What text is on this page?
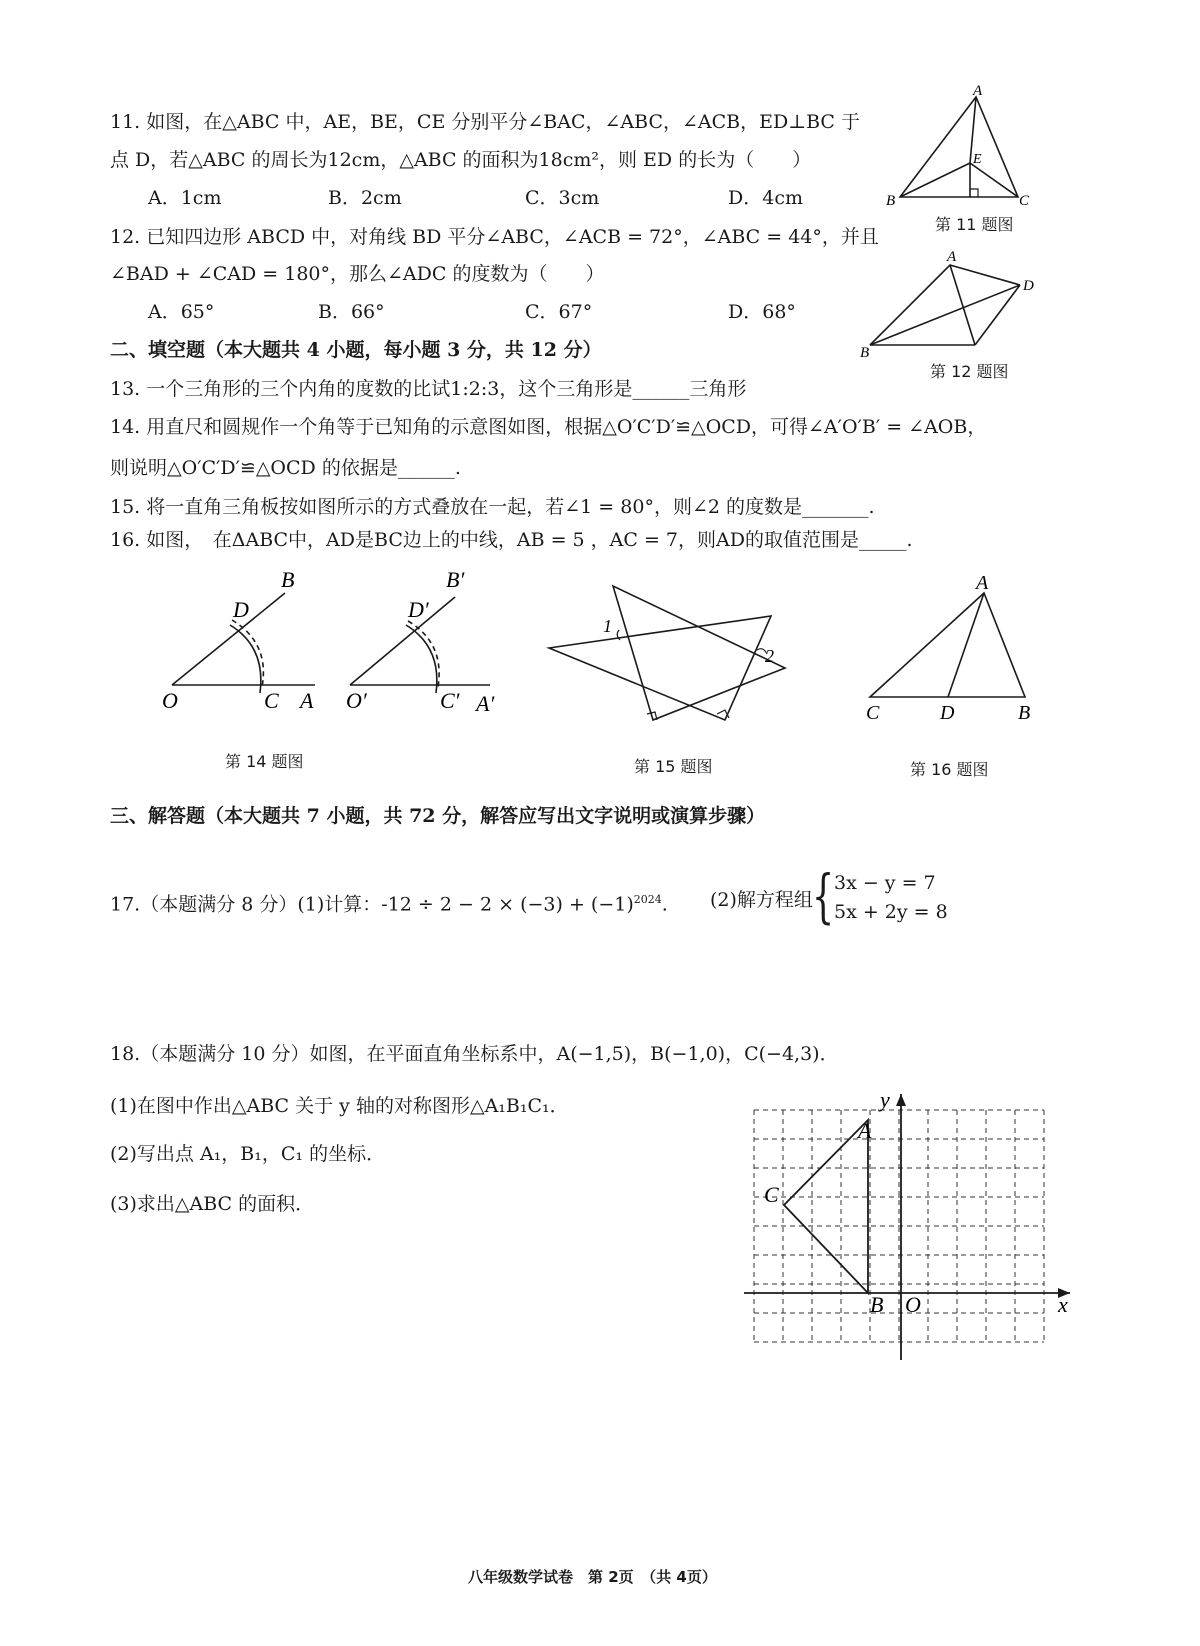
11. 如图，在△ABC 中，AE，BE，CE 分别平分∠BAC，∠ABC，∠ACB，ED⊥BC 于
点 D，若△ABC 的周长为12cm，△ABC 的面积为18cm²，则 ED 的长为（　　）
A．1cm	B．2cm	C．3cm	D．4cm
A
B	C
E
第 11 题图
12. 已知四边形 ABCD 中，对角线 BD 平分∠ABC，∠ACB = 72°，∠ABC = 44°，并且
∠BAD + ∠CAD = 180°，那么∠ADC 的度数为（　　）
A．65°	B．66°	C．67°	D．68°
A
B
D
第 12 题图
二、填空题（本大题共 4 小题，每小题 3 分，共 12 分）
13. 一个三角形的三个内角的度数的比试1:2:3，这个三角形是______三角形
14. 用直尺和圆规作一个角等于已知角的示意图如图，根据△O′C′D′≌△OCD，可得∠A′O′B′ = ∠AOB，
则说明△O′C′D′≌△OCD 的依据是______.
15. 将一直角三角板按如图所示的方式叠放在一起，若∠1 = 80°，则∠2 的度数是_______.
16. 如图，　在ΔABC中，AD是BC边上的中线，AB = 5 ，AC = 7，则AD的取值范围是_____.
B
D
O	C A
B′
D′
O′	C′ A′
第 14 题图
1
2
第 15 题图
A
C	D	B
第 16 题图
三、解答题（本大题共 7 小题，共 72 分，解答应写出文字说明或演算步骤）
17.（本题满分 8 分）(1)计算：$-12 \div 2 - 2 \times (-3) + (-1)^{2024}$. (2)解方程组 { 3x − y = 7
5x + 2y = 8
18.（本题满分 10 分）如图，在平面直角坐标系中，A(−1,5)，B(−1,0)，C(−4,3)．
(1)在图中作出△ABC 关于 y 轴的对称图形△A₁B₁C₁．
(2)写出点 A₁，B₁，C₁ 的坐标．
(3)求出△ABC 的面积．
y
x
O
A
B
C
八年级数学试卷　第 2页　（共 4页）
